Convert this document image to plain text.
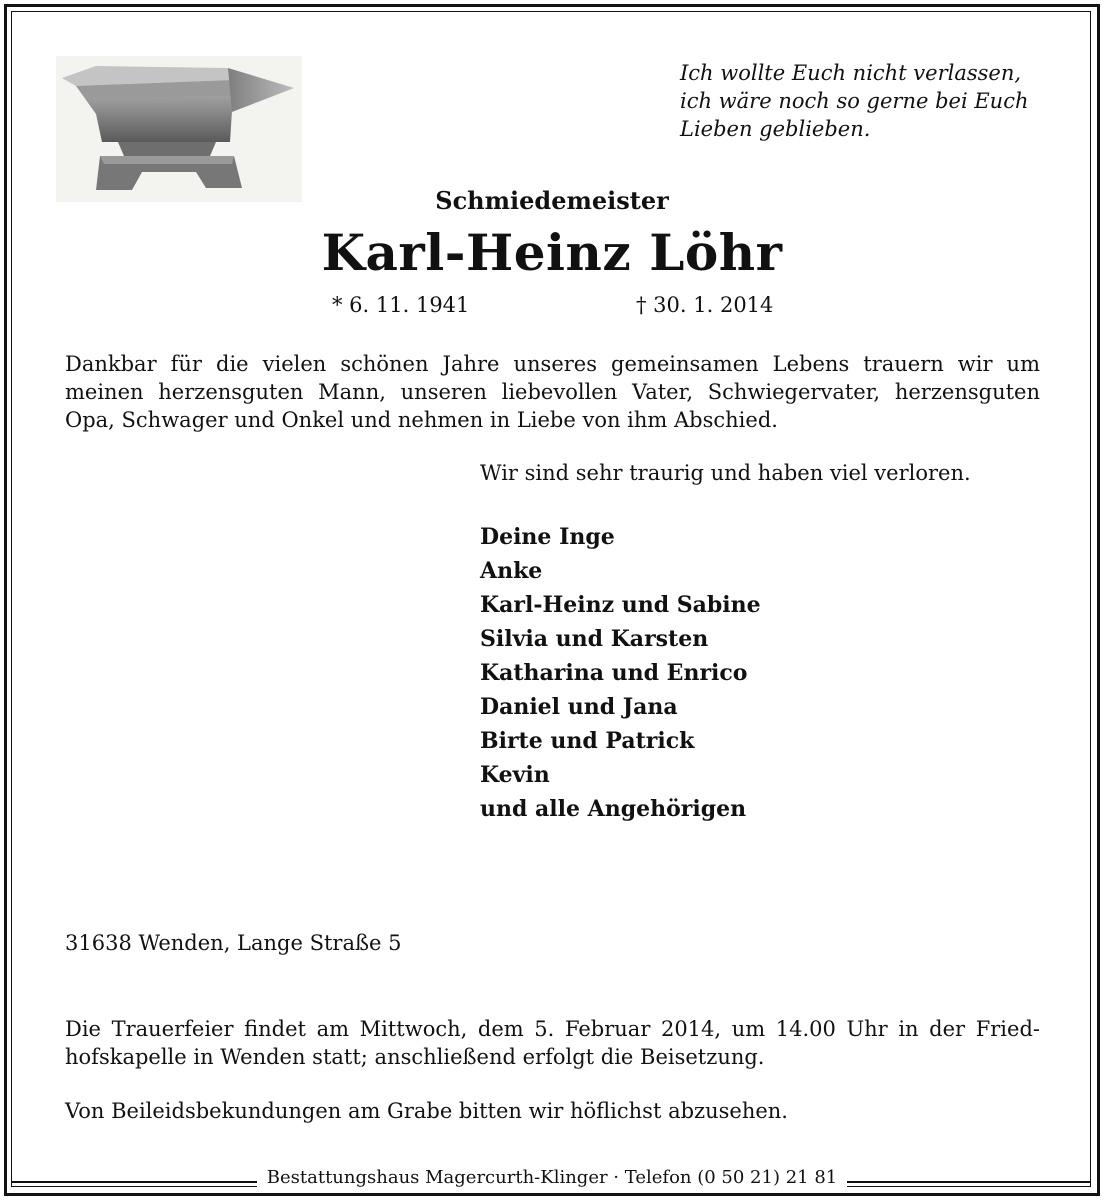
Ich wollte Euch nicht verlassen,
ich wäre noch so gerne bei Euch
Lieben geblieben.
Schmiedemeister
Karl-Heinz Löhr
* 6. 11. 1941	† 30. 1. 2014
Dankbar für die vielen schönen Jahre unseres gemeinsamen Lebens trauern wir um
meinen herzensguten Mann, unseren liebevollen Vater, Schwiegervater, herzensguten
Opa, Schwager und Onkel und nehmen in Liebe von ihm Abschied.
Wir sind sehr traurig und haben viel verloren.
Deine Inge
Anke
Karl-Heinz und Sabine
Silvia und Karsten
Katharina und Enrico
Daniel und Jana
Birte und Patrick
Kevin
und alle Angehörigen
31638 Wenden, Lange Straße 5
Die Trauerfeier findet am Mittwoch, dem 5. Februar 2014, um 14.00 Uhr in der Fried-
hofskapelle in Wenden statt; anschließend erfolgt die Beisetzung.
Von Beileidsbekundungen am Grabe bitten wir höflichst abzusehen.
Bestattungshaus Magercurth-Klinger · Telefon (0 50 21) 21 81
